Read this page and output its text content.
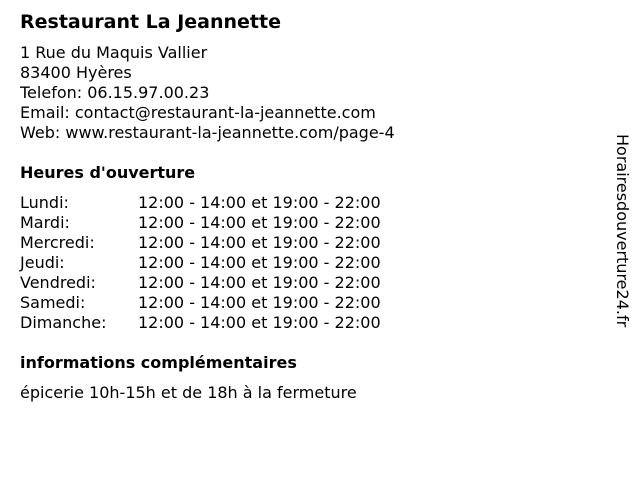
Restaurant La Jeannette
1 Rue du Maquis Vallier
83400 Hyères
Telefon: 06.15.97.00.23
Email: contact@restaurant-la-jeannette.com
Web: www.restaurant-la-jeannette.com/page-4
Heures d'ouverture
Lundi:	12:00 - 14:00 et 19:00 - 22:00
Mardi:	12:00 - 14:00 et 19:00 - 22:00
Mercredi:	12:00 - 14:00 et 19:00 - 22:00
Jeudi:	12:00 - 14:00 et 19:00 - 22:00
Vendredi:	12:00 - 14:00 et 19:00 - 22:00
Samedi:	12:00 - 14:00 et 19:00 - 22:00
Dimanche: 12:00 - 14:00 et 19:00 - 22:00
informations complémentaires
épicerie 10h-15h et de 18h à la fermeture
Horairesdouverture24.fr
